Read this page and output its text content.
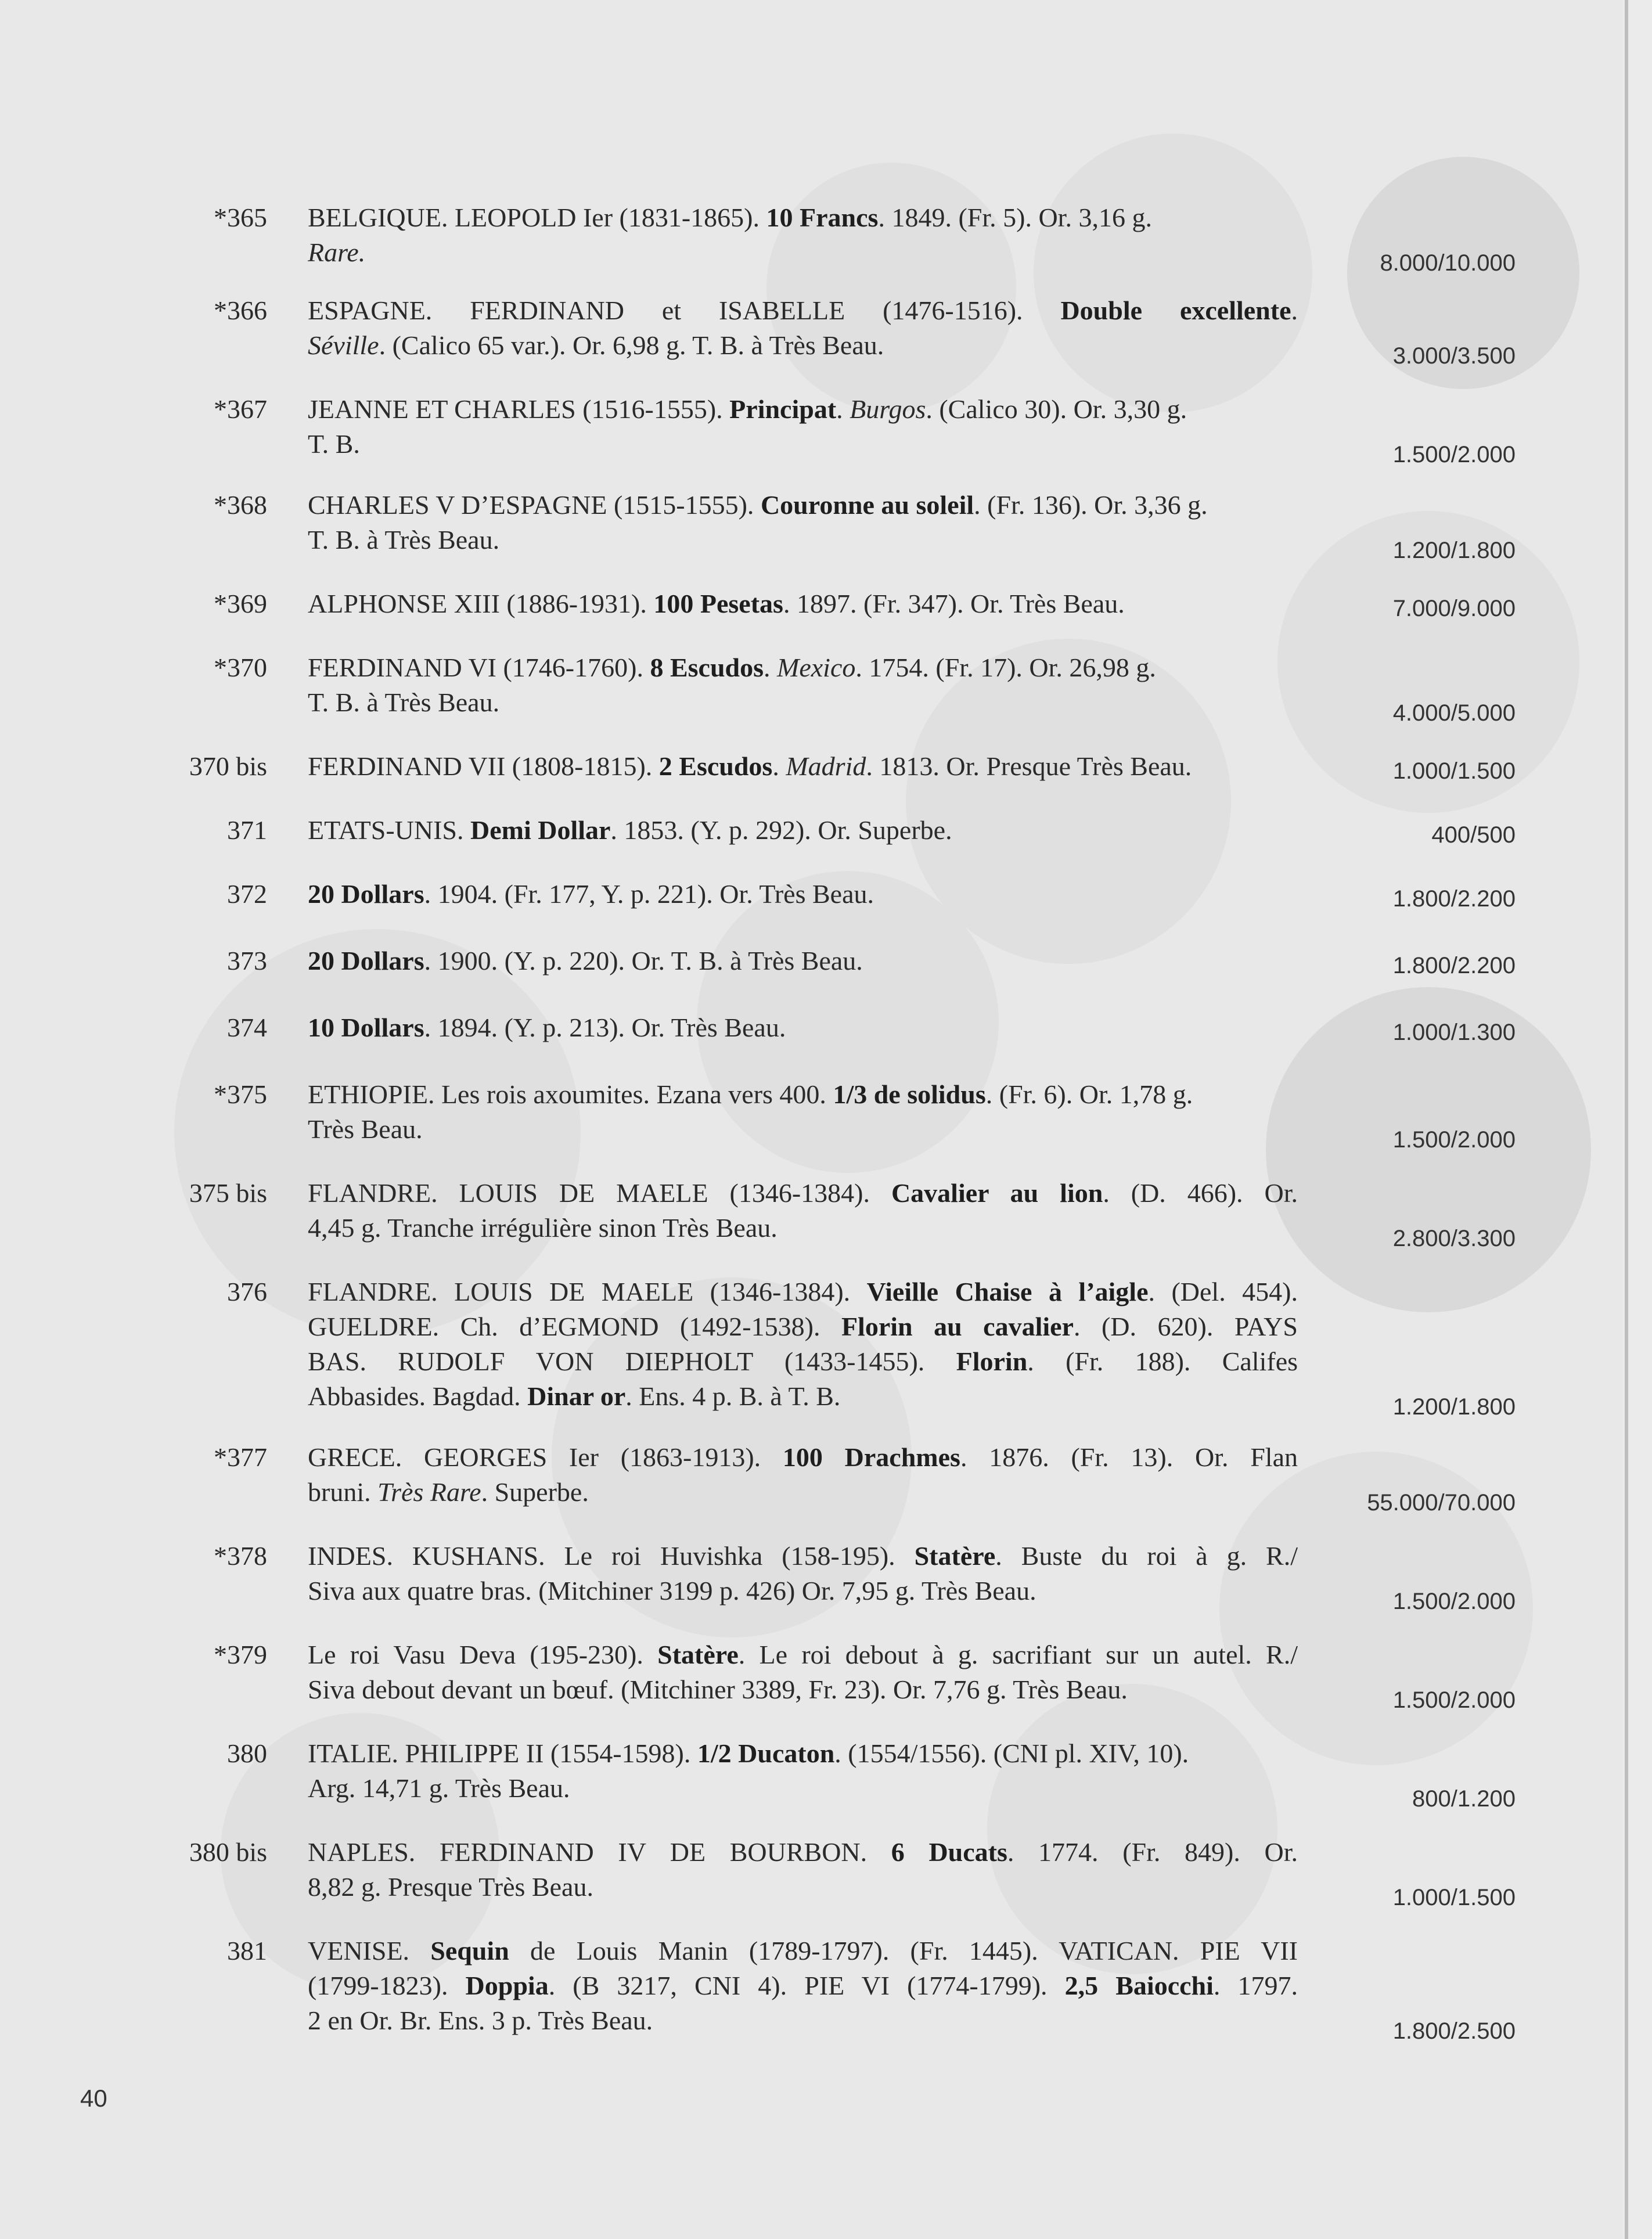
*365 BELGIQUE. LEOPOLD Ier (1831-1865). 10 Francs. 1849. (Fr. 5). Or. 3,16 g.
Rare.	8.000/10.000
*366 ESPAGNE. FERDINAND et ISABELLE (1476-1516). Double excellente.
Séville. (Calico 65 var.). Or. 6,98 g. T. B. à Très Beau.	3.000/3.500
*367 JEANNE ET CHARLES (1516-1555). Principat. Burgos. (Calico 30). Or. 3,30 g.
T. B.	1.500/2.000
*368 CHARLES V D’ESPAGNE (1515-1555). Couronne au soleil. (Fr. 136). Or. 3,36 g.
T. B. à Très Beau.	1.200/1.800
*369 ALPHONSE XIII (1886-1931). 100 Pesetas. 1897. (Fr. 347). Or. Très Beau.	7.000/9.000
*370 FERDINAND VI (1746-1760). 8 Escudos. Mexico. 1754. (Fr. 17). Or. 26,98 g.
T. B. à Très Beau.	4.000/5.000
370 bis FERDINAND VII (1808-1815). 2 Escudos. Madrid. 1813. Or. Presque Très Beau.	1.000/1.500
371 ETATS-UNIS. Demi Dollar. 1853. (Y. p. 292). Or. Superbe.	400/500
372 20 Dollars. 1904. (Fr. 177, Y. p. 221). Or. Très Beau.	1.800/2.200
373 20 Dollars. 1900. (Y. p. 220). Or. T. B. à Très Beau.	1.800/2.200
374 10 Dollars. 1894. (Y. p. 213). Or. Très Beau.	1.000/1.300
*375 ETHIOPIE. Les rois axoumites. Ezana vers 400. 1/3 de solidus. (Fr. 6). Or. 1,78 g.
Très Beau.	1.500/2.000
375 bis FLANDRE. LOUIS DE MAELE (1346-1384). Cavalier au lion. (D. 466). Or.
4,45 g. Tranche irrégulière sinon Très Beau.	2.800/3.300
376 FLANDRE. LOUIS DE MAELE (1346-1384). Vieille Chaise à l’aigle. (Del. 454).
GUELDRE. Ch. d’EGMOND (1492-1538). Florin au cavalier. (D. 620). PAYS
BAS. RUDOLF VON DIEPHOLT (1433-1455). Florin. (Fr. 188). Califes
Abbasides. Bagdad. Dinar or. Ens. 4 p. B. à T. B.	1.200/1.800
*377 GRECE. GEORGES Ier (1863-1913). 100 Drachmes. 1876. (Fr. 13). Or. Flan
bruni. Très Rare. Superbe.	55.000/70.000
*378 INDES. KUSHANS. Le roi Huvishka (158-195). Statère. Buste du roi à g. R./
Siva aux quatre bras. (Mitchiner 3199 p. 426) Or. 7,95 g. Très Beau.	1.500/2.000
*379 Le roi Vasu Deva (195-230). Statère. Le roi debout à g. sacrifiant sur un autel. R./
Siva debout devant un bœuf. (Mitchiner 3389, Fr. 23). Or. 7,76 g. Très Beau.	1.500/2.000
380 ITALIE. PHILIPPE II (1554-1598). 1/2 Ducaton. (1554/1556). (CNI pl. XIV, 10).
Arg. 14,71 g. Très Beau.	800/1.200
380 bis NAPLES. FERDINAND IV DE BOURBON. 6 Ducats. 1774. (Fr. 849). Or.
8,82 g. Presque Très Beau.	1.000/1.500
381 VENISE. Sequin de Louis Manin (1789-1797). (Fr. 1445). VATICAN. PIE VII
(1799-1823). Doppia. (B 3217, CNI 4). PIE VI (1774-1799). 2,5 Baiocchi. 1797.
2 en Or. Br. Ens. 3 p. Très Beau.	1.800/2.500
40
